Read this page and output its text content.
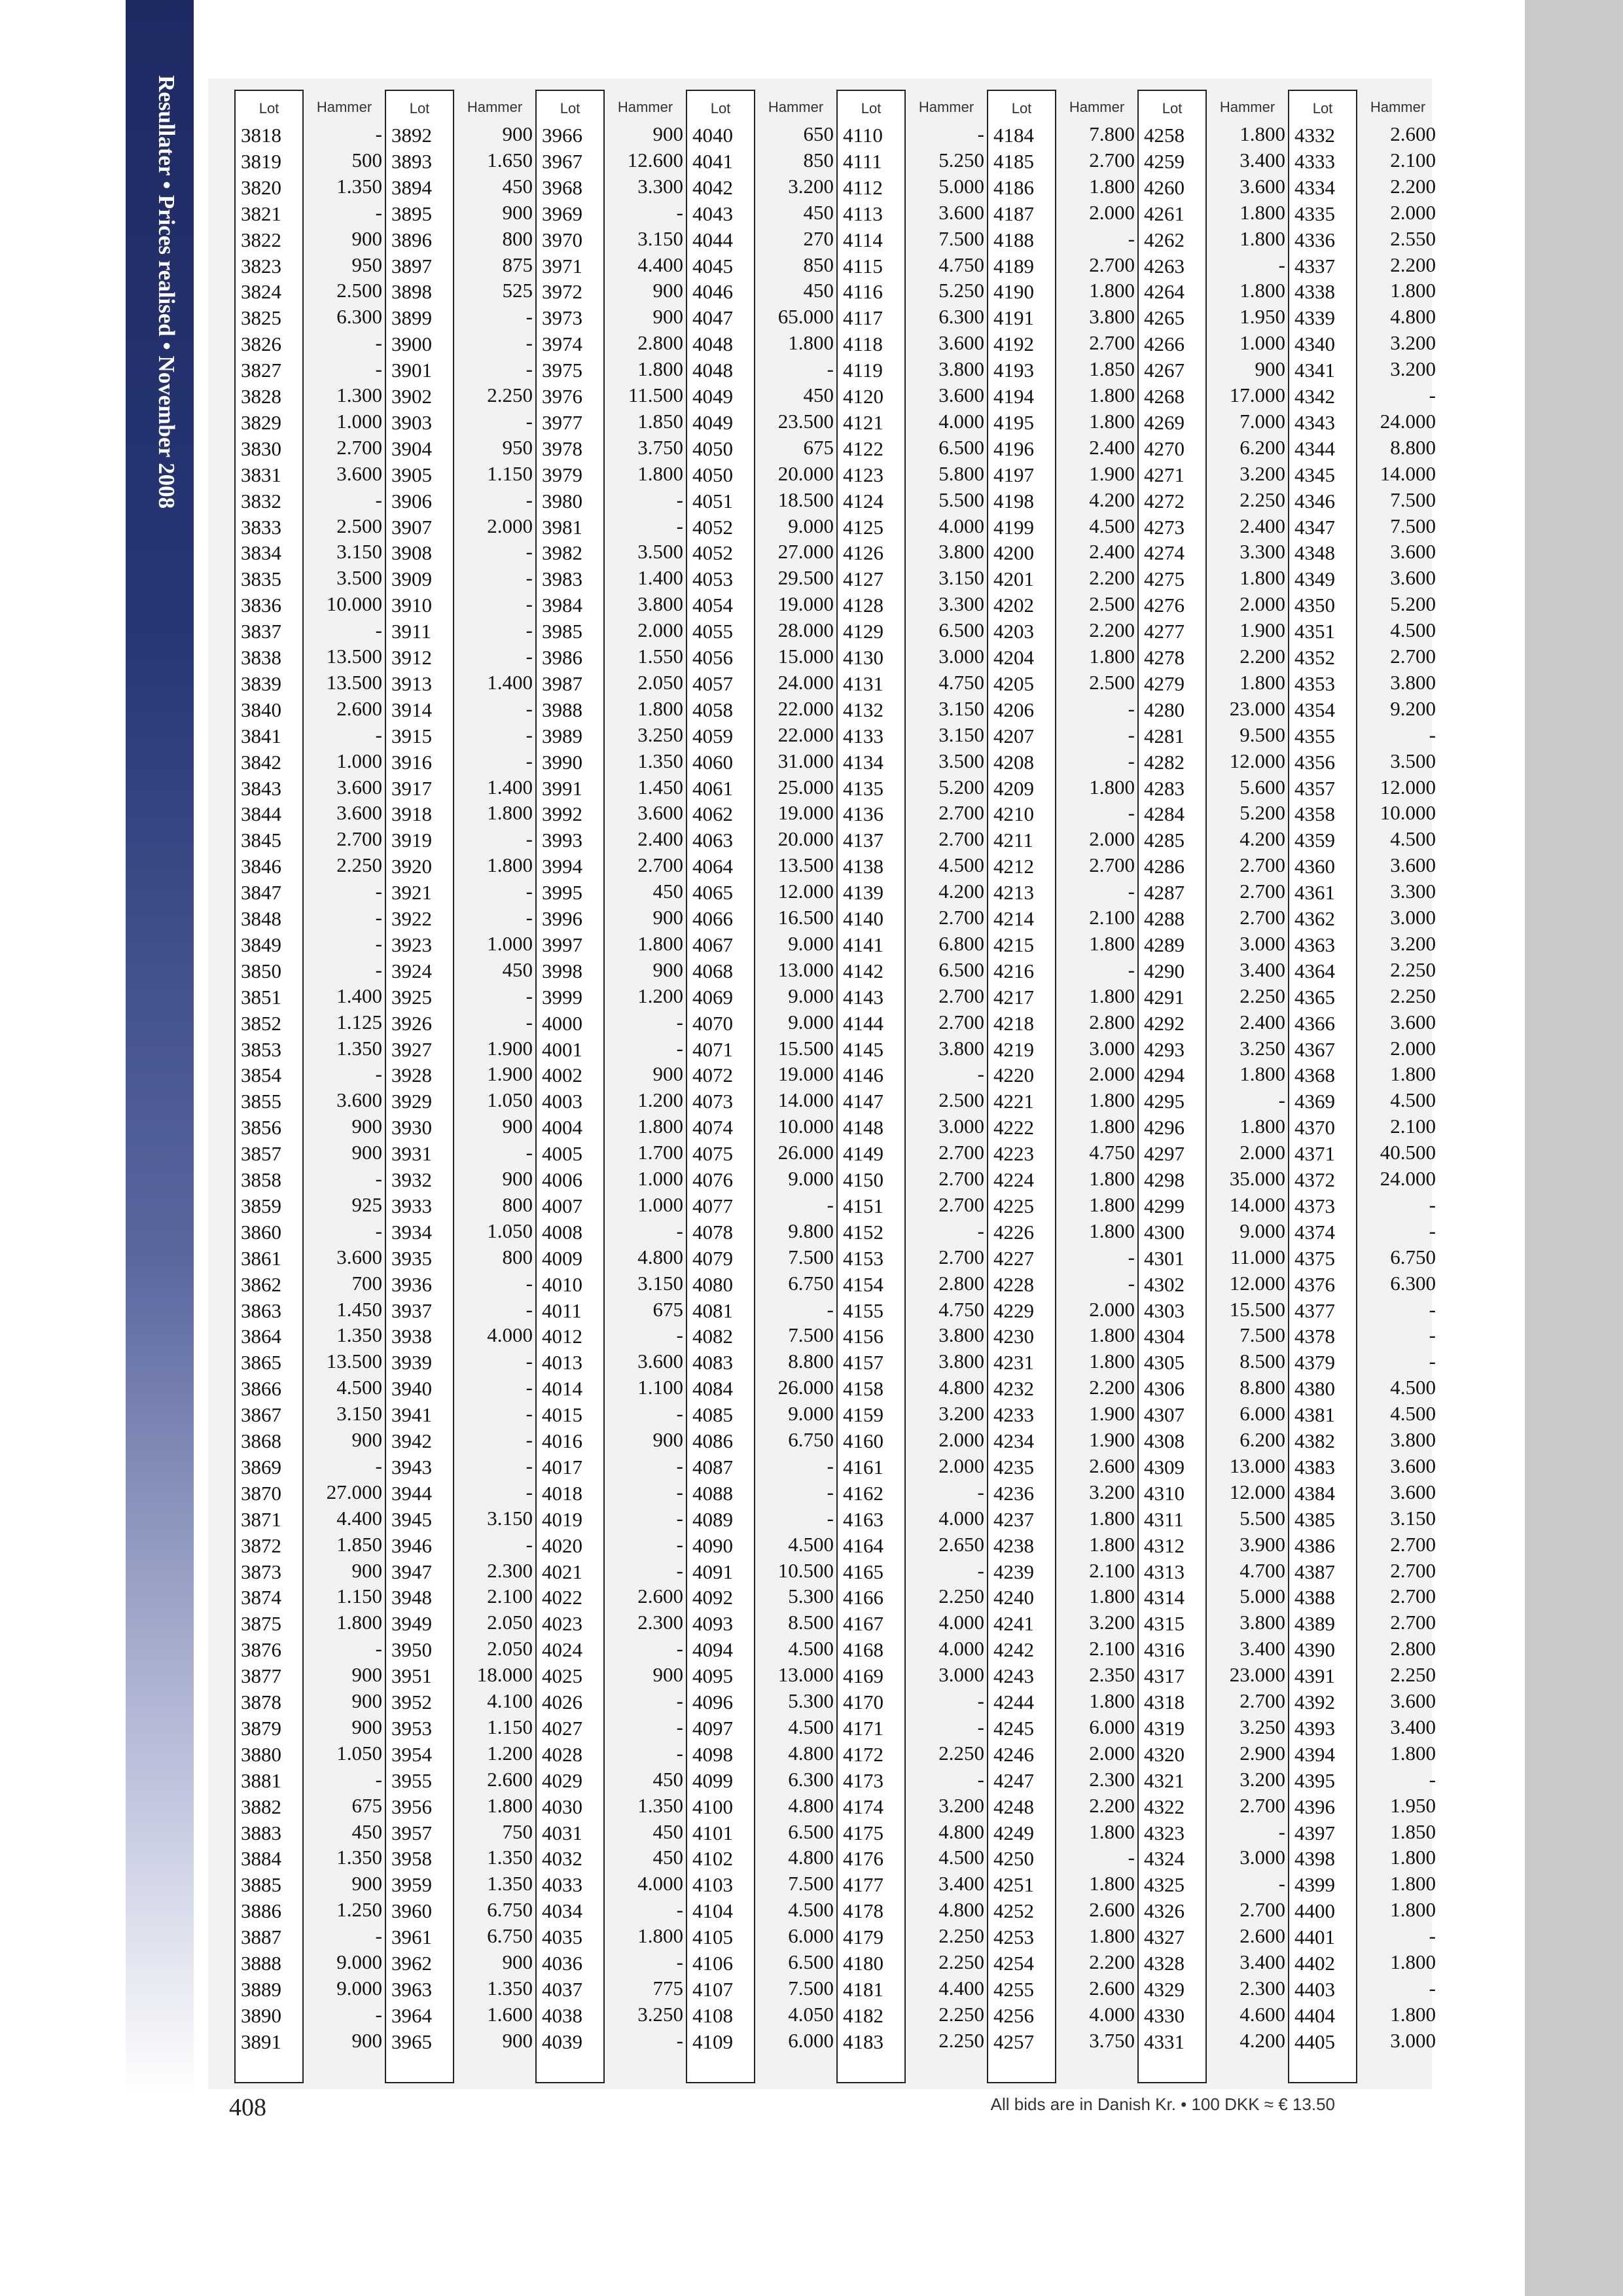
Resullater • Prices realised • November 2008	Lot
3818
3819
3820
3821
3822
3823
3824
3825
3826
3827
3828
3829
3830
3831
3832
3833
3834
3835
3836
3837
3838
3839
3840
3841
3842
3843
3844
3845
3846
3847
3848
3849
3850
3851
3852
3853
3854
3855
3856
3857
3858
3859
3860
3861
3862
3863
3864
3865
3866
3867
3868
3869
3870
3871
3872
3873
3874
3875
3876
3877
3878
3879
3880
3881
3882
3883
3884
3885
3886
3887
3888
3889
3890
3891
Hammer
-
500
1.350
-
900
950
2.500
6.300
-
-
1.300
1.000
2.700
3.600
-
2.500
3.150
3.500
10.000
-
13.500
13.500
2.600
-
1.000
3.600
3.600
2.700
2.250
-
-
-
-
1.400
1.125
1.350
-
3.600
900
900
-
925
-
3.600
700
1.450
1.350
13.500
4.500
3.150
900
-
27.000
4.400
1.850
900
1.150
1.800
-
900
900
900
1.050
-
675
450
1.350
900
1.250
-
9.000
9.000
-
900
Lot
3892
3893
3894
3895
3896
3897
3898
3899
3900
3901
3902
3903
3904
3905
3906
3907
3908
3909
3910
3911
3912
3913
3914
3915
3916
3917
3918
3919
3920
3921
3922
3923
3924
3925
3926
3927
3928
3929
3930
3931
3932
3933
3934
3935
3936
3937
3938
3939
3940
3941
3942
3943
3944
3945
3946
3947
3948
3949
3950
3951
3952
3953
3954
3955
3956
3957
3958
3959
3960
3961
3962
3963
3964
3965
Hammer
900
1.650
450
900
800
875
525
-
-
-
2.250
-
950
1.150
-
2.000
-
-
-
-
-
1.400
-
-
-
1.400
1.800
-
1.800
-
-
1.000
450
-
-
1.900
1.900
1.050
900
-
900
800
1.050
800
-
-
4.000
-
-
-
-
-
-
3.150
-
2.300
2.100
2.050
2.050
18.000
4.100
1.150
1.200
2.600
1.800
750
1.350
1.350
6.750
6.750
900
1.350
1.600
900
Lot
3966
3967
3968
3969
3970
3971
3972
3973
3974
3975
3976
3977
3978
3979
3980
3981
3982
3983
3984
3985
3986
3987
3988
3989
3990
3991
3992
3993
3994
3995
3996
3997
3998
3999
4000
4001
4002
4003
4004
4005
4006
4007
4008
4009
4010
4011
4012
4013
4014
4015
4016
4017
4018
4019
4020
4021
4022
4023
4024
4025
4026
4027
4028
4029
4030
4031
4032
4033
4034
4035
4036
4037
4038
4039
Hammer
900
12.600
3.300
-
3.150
4.400
900
900
2.800
1.800
11.500
1.850
3.750
1.800
-
-
3.500
1.400
3.800
2.000
1.550
2.050
1.800
3.250
1.350
1.450
3.600
2.400
2.700
450
900
1.800
900
1.200
-
-
900
1.200
1.800
1.700
1.000
1.000
-
4.800
3.150
675
-
3.600
1.100
-
900
-
-
-
-
-
2.600
2.300
-
900
-
-
-
450
1.350
450
450
4.000
-
1.800
-
775
3.250
-
Lot
4040
4041
4042
4043
4044
4045
4046
4047
4048
4048
4049
4049
4050
4050
4051
4052
4052
4053
4054
4055
4056
4057
4058
4059
4060
4061
4062
4063
4064
4065
4066
4067
4068
4069
4070
4071
4072
4073
4074
4075
4076
4077
4078
4079
4080
4081
4082
4083
4084
4085
4086
4087
4088
4089
4090
4091
4092
4093
4094
4095
4096
4097
4098
4099
4100
4101
4102
4103
4104
4105
4106
4107
4108
4109
Hammer
650
850
3.200
450
270
850
450
65.000
1.800
-
450
23.500
675
20.000
18.500
9.000
27.000
29.500
19.000
28.000
15.000
24.000
22.000
22.000
31.000
25.000
19.000
20.000
13.500
12.000
16.500
9.000
13.000
9.000
9.000
15.500
19.000
14.000
10.000
26.000
9.000
-
9.800
7.500
6.750
-
7.500
8.800
26.000
9.000
6.750
-
-
-
4.500
10.500
5.300
8.500
4.500
13.000
5.300
4.500
4.800
6.300
4.800
6.500
4.800
7.500
4.500
6.000
6.500
7.500
4.050
6.000
Lot
4110
4111
4112
4113
4114
4115
4116
4117
4118
4119
4120
4121
4122
4123
4124
4125
4126
4127
4128
4129
4130
4131
4132
4133
4134
4135
4136
4137
4138
4139
4140
4141
4142
4143
4144
4145
4146
4147
4148
4149
4150
4151
4152
4153
4154
4155
4156
4157
4158
4159
4160
4161
4162
4163
4164
4165
4166
4167
4168
4169
4170
4171
4172
4173
4174
4175
4176
4177
4178
4179
4180
4181
4182
4183
Hammer
-
5.250
5.000
3.600
7.500
4.750
5.250
6.300
3.600
3.800
3.600
4.000
6.500
5.800
5.500
4.000
3.800
3.150
3.300
6.500
3.000
4.750
3.150
3.150
3.500
5.200
2.700
2.700
4.500
4.200
2.700
6.800
6.500
2.700
2.700
3.800
-
2.500
3.000
2.700
2.700
2.700
-
2.700
2.800
4.750
3.800
3.800
4.800
3.200
2.000
2.000
-
4.000
2.650
-
2.250
4.000
4.000
3.000
-
-
2.250
-
3.200
4.800
4.500
3.400
4.800
2.250
2.250
4.400
2.250
2.250
Lot
4184
4185
4186
4187
4188
4189
4190
4191
4192
4193
4194
4195
4196
4197
4198
4199
4200
4201
4202
4203
4204
4205
4206
4207
4208
4209
4210
4211
4212
4213
4214
4215
4216
4217
4218
4219
4220
4221
4222
4223
4224
4225
4226
4227
4228
4229
4230
4231
4232
4233
4234
4235
4236
4237
4238
4239
4240
4241
4242
4243
4244
4245
4246
4247
4248
4249
4250
4251
4252
4253
4254
4255
4256
4257
Hammer
7.800
2.700
1.800
2.000
-
2.700
1.800
3.800
2.700
1.850
1.800
1.800
2.400
1.900
4.200
4.500
2.400
2.200
2.500
2.200
1.800
2.500
-
-
-
1.800
-
2.000
2.700
-
2.100
1.800
-
1.800
2.800
3.000
2.000
1.800
1.800
4.750
1.800
1.800
1.800
-
-
2.000
1.800
1.800
2.200
1.900
1.900
2.600
3.200
1.800
1.800
2.100
1.800
3.200
2.100
2.350
1.800
6.000
2.000
2.300
2.200
1.800
-
1.800
2.600
1.800
2.200
2.600
4.000
3.750
Lot
4258
4259
4260
4261
4262
4263
4264
4265
4266
4267
4268
4269
4270
4271
4272
4273
4274
4275
4276
4277
4278
4279
4280
4281
4282
4283
4284
4285
4286
4287
4288
4289
4290
4291
4292
4293
4294
4295
4296
4297
4298
4299
4300
4301
4302
4303
4304
4305
4306
4307
4308
4309
4310
4311
4312
4313
4314
4315
4316
4317
4318
4319
4320
4321
4322
4323
4324
4325
4326
4327
4328
4329
4330
4331
Hammer
1.800
3.400
3.600
1.800
1.800
-
1.800
1.950
1.000
900
17.000
7.000
6.200
3.200
2.250
2.400
3.300
1.800
2.000
1.900
2.200
1.800
23.000
9.500
12.000
5.600
5.200
4.200
2.700
2.700
2.700
3.000
3.400
2.250
2.400
3.250
1.800
-
1.800
2.000
35.000
14.000
9.000
11.000
12.000
15.500
7.500
8.500
8.800
6.000
6.200
13.000
12.000
5.500
3.900
4.700
5.000
3.800
3.400
23.000
2.700
3.250
2.900
3.200
2.700
-
3.000
-
2.700
2.600
3.400
2.300
4.600
4.200
Lot
4332
4333
4334
4335
4336
4337
4338
4339
4340
4341
4342
4343
4344
4345
4346
4347
4348
4349
4350
4351
4352
4353
4354
4355
4356
4357
4358
4359
4360
4361
4362
4363
4364
4365
4366
4367
4368
4369
4370
4371
4372
4373
4374
4375
4376
4377
4378
4379
4380
4381
4382
4383
4384
4385
4386
4387
4388
4389
4390
4391
4392
4393
4394
4395
4396
4397
4398
4399
4400
4401
4402
4403
4404
4405
Hammer
2.600
2.100
2.200
2.000
2.550
2.200
1.800
4.800
3.200
3.200
-
24.000
8.800
14.000
7.500
7.500
3.600
3.600
5.200
4.500
2.700
3.800
9.200
-
3.500
12.000
10.000
4.500
3.600
3.300
3.000
3.200
2.250
2.250
3.600
2.000
1.800
4.500
2.100
40.500
24.000
-
-
6.750
6.300
-
-
-
4.500
4.500
3.800
3.600
3.600
3.150
2.700
2.700
2.700
2.700
2.800
2.250
3.600
3.400
1.800
-
1.950
1.850
1.800
1.800
1.800
-
1.800
-
1.800
3.000
408	All bids are in Danish Kr. • 100 DKK ≈ € 13.50
